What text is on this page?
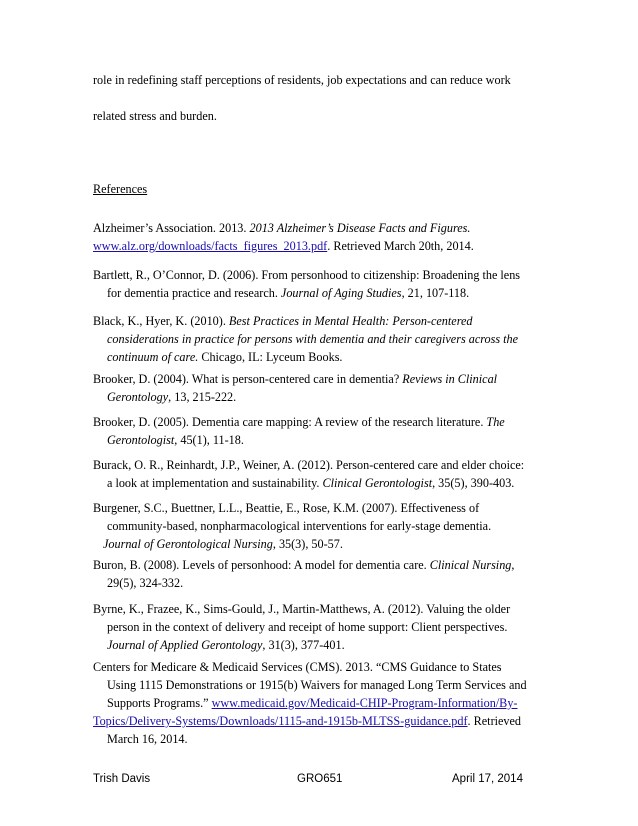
role in redefining staff perceptions of residents, job expectations and can reduce work
related stress and burden.
References
Alzheimer’s Association. 2013. 2013 Alzheimer’s Disease Facts and Figures.
www.alz.org/downloads/facts_figures_2013.pdf. Retrieved March 20th, 2014.
Bartlett, R., O’Connor, D. (2006). From personhood to citizenship: Broadening the lens
for dementia practice and research. Journal of Aging Studies, 21, 107-118.
Black, K., Hyer, K. (2010). Best Practices in Mental Health: Person-centered
considerations in practice for persons with dementia and their caregivers across the
continuum of care. Chicago, IL: Lyceum Books.
Brooker, D. (2004). What is person-centered care in dementia? Reviews in Clinical
Gerontology, 13, 215-222.
Brooker, D. (2005). Dementia care mapping: A review of the research literature. The
Gerontologist, 45(1), 11-18.
Burack, O. R., Reinhardt, J.P., Weiner, A. (2012). Person-centered care and elder choice:
a look at implementation and sustainability. Clinical Gerontologist, 35(5), 390-403.
Burgener, S.C., Buettner, L.L., Beattie, E., Rose, K.M. (2007). Effectiveness of
community-based, nonpharmacological interventions for early-stage dementia.
Journal of Gerontological Nursing, 35(3), 50-57.
Buron, B. (2008). Levels of personhood: A model for dementia care. Clinical Nursing,
29(5), 324-332.
Byrne, K., Frazee, K., Sims-Gould, J., Martin-Matthews, A. (2012). Valuing the older
person in the context of delivery and receipt of home support: Client perspectives.
Journal of Applied Gerontology, 31(3), 377-401.
Centers for Medicare & Medicaid Services (CMS). 2013. “CMS Guidance to States
Using 1115 Demonstrations or 1915(b) Waivers for managed Long Term Services and
Supports Programs.” www.medicaid.gov/Medicaid-CHIP-Program-Information/By-
Topics/Delivery-Systems/Downloads/1115-and-1915b-MLTSS-guidance.pdf. Retrieved
March 16, 2014.
Trish Davis	GRO651	April 17, 2014
